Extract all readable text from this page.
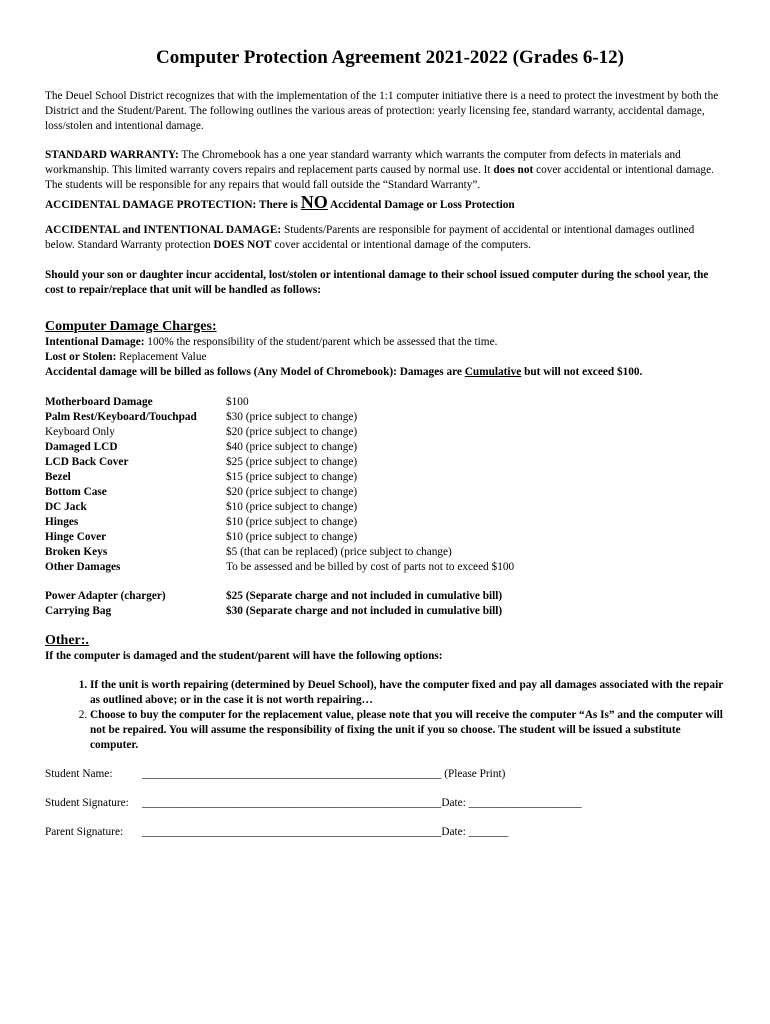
Computer Protection Agreement 2021-2022 (Grades 6-12)

The Deuel School District recognizes that with the implementation of the 1:1 computer initiative there is a need to protect the investment by both the District and the Student/Parent. The following outlines the various areas of protection: yearly licensing fee, standard warranty, accidental damage, loss/stolen and intentional damage.

STANDARD WARRANTY: The Chromebook has a one year standard warranty which warrants the computer from defects in materials and workmanship. This limited warranty covers repairs and replacement parts caused by normal use. It does not cover accidental or intentional damage. The students will be responsible for any repairs that would fall outside the “Standard Warranty”.

ACCIDENTAL DAMAGE PROTECTION: There is NO Accidental Damage or Loss Protection

ACCIDENTAL and INTENTIONAL DAMAGE: Students/Parents are responsible for payment of accidental or intentional damages outlined below. Standard Warranty protection DOES NOT cover accidental or intentional damage of the computers.

Should your son or daughter incur accidental, lost/stolen or intentional damage to their school issued computer during the school year, the cost to repair/replace that unit will be handled as follows:

Computer Damage Charges:

Intentional Damage: 100% the responsibility of the student/parent which be assessed that the time.

Lost or Stolen: Replacement Value

Accidental damage will be billed as follows (Any Model of Chromebook): Damages are Cumulative but will not exceed $100.

Motherboard Damage	$100
Palm Rest/Keyboard/Touchpad	$30 (price subject to change)
Keyboard Only	$20 (price subject to change)
Damaged LCD	$40 (price subject to change)
LCD Back Cover	$25 (price subject to change)
Bezel	$15 (price subject to change)
Bottom Case	$20 (price subject to change)
DC Jack	$10 (price subject to change)
Hinges	$10 (price subject to change)
Hinge Cover	$10 (price subject to change)
Broken Keys	$5 (that can be replaced) (price subject to change)
Other Damages	To be assessed and be billed by cost of parts not to exceed $100
Power Adapter (charger)	$25 (Separate charge and not included in cumulative bill)
Carrying Bag	$30 (Separate charge and not included in cumulative bill)
Other:.

If the computer is damaged and the student/parent will have the following options:

1. If the unit is worth repairing (determined by Deuel School), have the computer fixed and pay all damages associated with the repair as outlined above; or in the case it is not worth repairing…
2. Choose to buy the computer for the replacement value, please note that you will receive the computer “As Is” and the computer will not be repaired. You will assume the responsibility of fixing the unit if you so choose. The student will be issued a substitute computer.
Student Name:	_____________________________________________________ (Please Print)
Student Signature: _____________________________________________________Date: ____________________
Parent Signature: _____________________________________________________Date: _______
